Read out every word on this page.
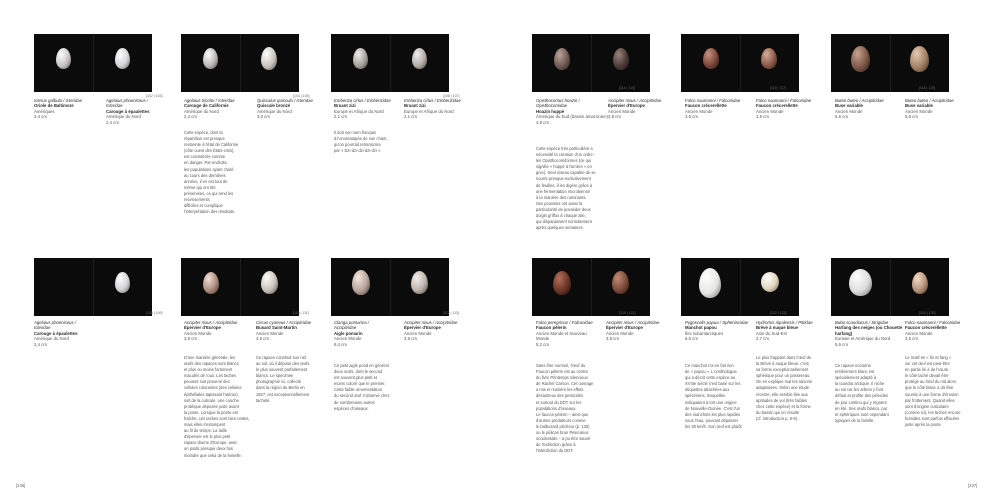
[102 | 103]	[104 | 105]	[106 | 107]
[114 | 115]	[116 | 117]	[118 | 119]
Icterus galbula / Icteridae
Oriole de Baltimore
Amériques
2,4 cm
Agelaius phoeniceus / Icteridae
Carouge à épaulettes
Amérique du Nord
2,4 cm
Agelaius tricolor / Icteridae
Carouge de Californie
Amérique du Nord
2,4 cm
Quiscalus quiscula / Icteridae
Quiscale bronzé
Amérique du Nord
3,0 cm
Emberiza cirlus / Emberizidae
Bruant zizi
Europe et Afrique du Nord
2,1 cm
Emberiza cirlus / Emberizidae
Bruant zizi
Europe et Afrique du Nord
2,1 cm
Opisthocomus hoazin / Opisthocomidae
Hoazin huppé
Amérique du Sud (bassin amazonien)
4,8 cm
Accipiter nisus / Accipitridae
Épervier d'Europe
Ancien Monde
3,9 cm
Falco naumanni / Falconidae
Faucon crécerellette
Ancien Monde
3,5 cm
Falco naumanni / Falconidae
Faucon crécerellette
Ancien Monde
3,5 cm
Buteo buteo / Accipitridae
Buse variable
Ancien Monde
5,6 cm
Buteo buteo / Accipitridae
Buse variable
Ancien Monde
5,6 cm
Cette espèce, dont la
répartition est presque
restreinte à l'état de Californie
(côte ouest des États-Unis),
est considérée comme
en danger. Par endroits,
les populations ayant chuté
au cours des dernières
années, il en est tout de
même qui ont été
préservées, ce qui rend les recensements
difficiles et complique
l'interprétation des résultats.
Il doit son nom français
à l'onomatopée de son chant,
qu'on pourrait retranscrire
par « Dzi-dzi-dzi-dzi-dzi ».	Cette espèce très particulière a
nécessité la création d'un ordre :
les Opisthocomiformes (ce qui
signifie « huppé à l'arrière » en
grec). Seul oiseau capable de se
nourrir presque exclusivement
de feuilles, il les digère grâce à
une fermentation microbienne
à la manière des ruminants.
Ses poussins ont aussi la
particularité de posséder deux
doigts griffus à chaque aile,
qui disparaissent normalement
après quelques semaines.
[108 | 109]	[110 | 111]	[112 | 113]	[120 | 121]	[122 | 123]	[124 | 125]
Agelaius phoeniceus / Icteridae
Carouge à épaulettes
Amérique du Nord
2,4 cm
Accipiter nisus / Accipitridae
Épervier d'Europe
Ancien Monde
3,9 cm
Circus cyaneus / Accipitridae
Busard Saint-Martin
Ancien Monde
4,6 cm
Clanga pomarina / Accipitridae
Aigle pomarin
Ancien Monde
6,4 cm
Accipiter nisus / Accipitridae
Épervier d'Europe
Ancien Monde
3,9 cm
Falco peregrinus / Falconidae
Faucon pèlerin
Ancien Monde et Nouveau Monde
5,2 cm
Accipiter nisus / Accipitridae
Épervier d'Europe
Ancien Monde
3,9 cm
Pygoscelis papua / Spheniscidae
Manchot papou
Îles subantarctiques
6,6 cm
Hydrornis nipalensis / Pittidae
Brève à nuque bleue
Asie du Sud-Est
2,7 cm
Bubo scandiacus / Strigidae
Harfang des neiges (ou Chouette harfang)
Eurasie et Amérique du Nord
5,6 cm
Falco naumanni / Falconidae
Faucon crécerellette
Ancien Monde
3,5 cm
D'une manière générale, les
œufs des rapaces sont blancs
et plus ou moins fortement
maculés de roux. Les taches
peuvent soit provenir des
cellules colorantes (des cellules
épithéliales tapissant l'utérus),
soit de la cuticule, une couche
protéique déposée juste avant
la ponte. Lorsque la ponte est
fraîche, ces taches sont bien nettes,
mais elles s'estompent
au fil du temps. La taille
d'épervier est le plus petit
rapace diurne d'Europe, avec
un poids presque deux fois
moindre que celui de la femelle.
Ce rapace construit son nid
au sol, où il dépose des œufs
le plus souvent parfaitement
blancs. Le spécimen
photographié ici, collecté
dans la région de Berlin en
1927, est exceptionnellement
tacheté.
Ce petit aigle pond en général
deux œufs, dont le second
est souvent plus petit et
moins coloré que le premier.
Cette faible ornementation
du second œuf s'observe chez
de nombreuses autres
espèces d'oiseaux.
Sans être nommé, l'œuf du
Faucon pèlerin est au centre
du livre Printemps silencieux
de Rachel Carson. Cet ouvrage
a mis en lumière les effets
désastreux des pesticides
et surtout du DDT sur les
populations d'oiseaux.
Le faucon pèlerin – ainsi que
d'autres prédateurs comme
le balbuzard pêcheur (p. 130)
ou le pélican brun Pelecanus
occidentalis – a pu être sauvé
de l'extinction grâce à
l'interdiction du DDT.
Ce manchot n'a en fait rien
de « papou ». L'ornithologue
qui a décrit cette espèce au
XVIIIe siècle s'est basé sur les
étiquettes attachées aux
spécimens, lesquelles
indiquaient à tort une origine
de Nouvelle-Guinée. C'est l'un
des manchots les plus rapides
sous l'eau, pouvant dépasser
les 30 km/h. Son œuf est plutôt
Le plus frappant dans l'œuf de
la Brève à nuque bleue, c'est
sa forme exceptionnellement
sphérique pour un passereau.
On en explique mal les raisons
adaptatives. Selon une étude
récente, elle semble liée aux
aptitudes de vol (très faibles
chez cette espèce) et la forme
du bassin qui en résulte
(cf. introduction p. 8-9).
Ce rapace nocturne
entièrement blanc est
spécialement adapté à
la toundra arctique. Il niche
au sol car les arbres y font
défaut et profite des périodes
de jour continu qui y règnent
en été. Ses œufs blancs, pur
et sphériques sont cependant
typiques de la famille.
Le motif en « fin et fang »
sur cet œuf est peut-être
en partie lié à de l'usure :
le côté taché devait être
protégé au fond du nid alors
que le côté blanc a dû être
soumis à une forme d'érosion
par frottement. Quand elles
sont d'origine cuticulaire
(comme ici), les taches encore
humides sont parfois effacées
juste après la ponte.
[236]	[237]
